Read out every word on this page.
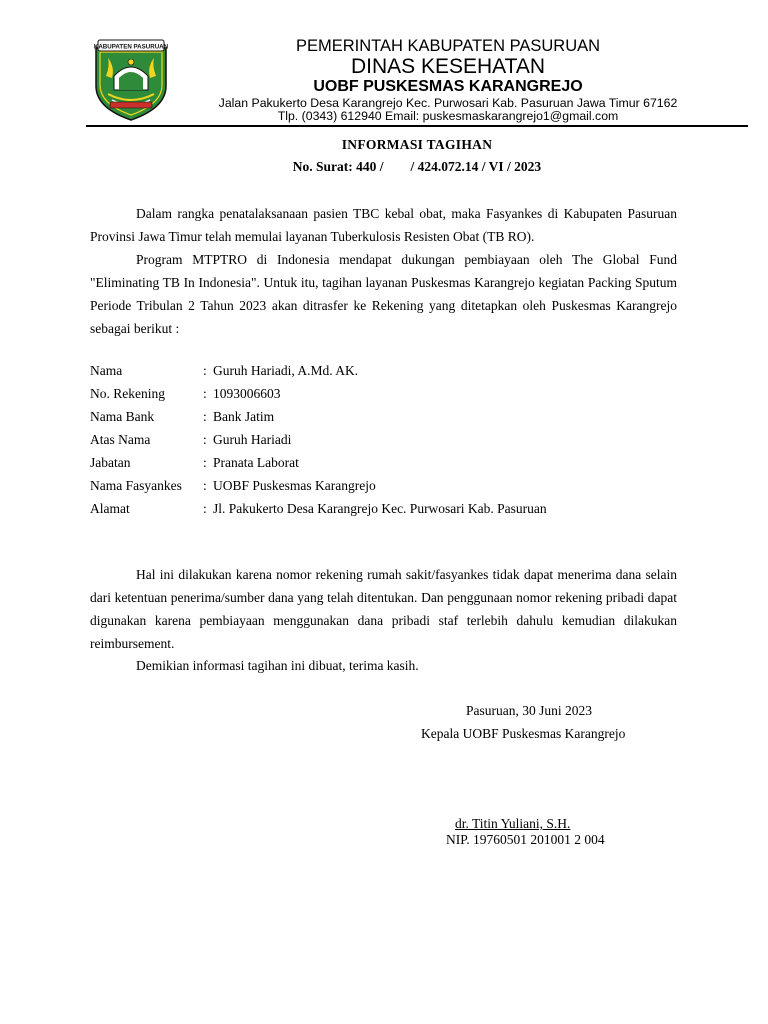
KABUPATEN PASURUAN	PEMERINTAH KABUPATEN PASURUAN
DINAS KESEHATAN
UOBF PUSKESMAS KARANGREJO
Jalan Pakukerto Desa Karangrejo Kec. Purwosari Kab. Pasuruan Jawa Timur 67162
Tlp. (0343) 612940 Email: puskesmaskarangrejo1@gmail.com
INFORMASI TAGIHAN
No. Surat: 440 /        / 424.072.14 / VI / 2023
Dalam rangka penatalaksanaan pasien TBC kebal obat, maka Fasyankes di Kabupaten Pasuruan Provinsi Jawa Timur telah memulai layanan Tuberkulosis Resisten Obat (TB RO).
Program MTPTRO di Indonesia mendapat dukungan pembiayaan oleh The Global Fund "Eliminating TB In Indonesia". Untuk itu, tagihan layanan Puskesmas Karangrejo kegiatan Packing Sputum Periode Tribulan 2 Tahun 2023 akan ditrasfer ke Rekening yang ditetapkan oleh Puskesmas Karangrejo sebagai berikut :
Nama	: Guruh Hariadi, A.Md. AK.
No. Rekening	: 1093006603
Nama Bank	: Bank Jatim
Atas Nama	: Guruh Hariadi
Jabatan	: Pranata Laborat
Nama Fasyankes : UOBF Puskesmas Karangrejo
Alamat	: Jl. Pakukerto Desa Karangrejo Kec. Purwosari Kab. Pasuruan
Hal ini dilakukan karena nomor rekening rumah sakit/fasyankes tidak dapat menerima dana selain dari ketentuan penerima/sumber dana yang telah ditentukan. Dan penggunaan nomor rekening pribadi dapat digunakan karena pembiayaan menggunakan dana pribadi staf terlebih dahulu kemudian dilakukan reimbursement.
Demikian informasi tagihan ini dibuat, terima kasih.
Pasuruan, 30 Juni 2023
Kepala UOBF Puskesmas Karangrejo
dr. Titin Yuliani, S.H.
NIP. 19760501 201001 2 004
